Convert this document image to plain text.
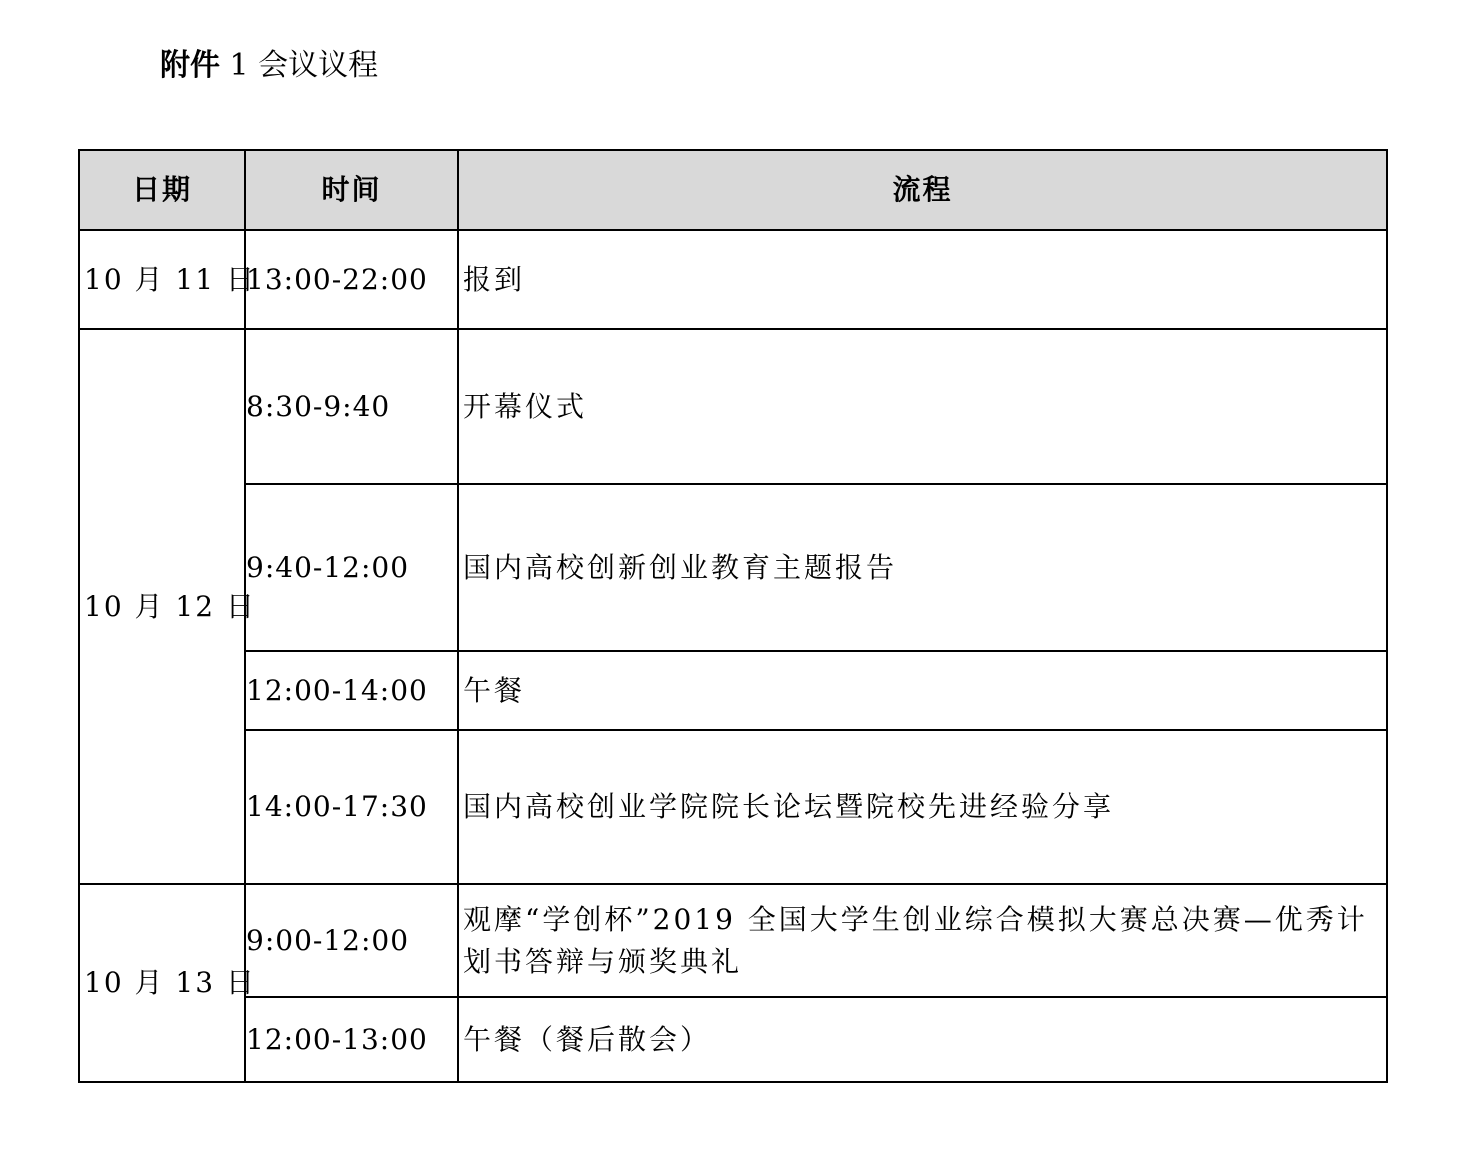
附件 1 会议议程
日期	时间	流程
10 月 11 日	13:00-22:00	报到
10 月 12 日	8:30-9:40	开幕仪式
	9:40-12:00	国内高校创新创业教育主题报告
	12:00-14:00	午餐
	14:00-17:30	国内高校创业学院院长论坛暨院校先进经验分享
10 月 13 日	9:00-12:00	观摩“学创杯”2019 全国大学生创业综合模拟大赛总决赛—优秀计划书答辩与颁奖典礼
	12:00-13:00	午餐（餐后散会）
